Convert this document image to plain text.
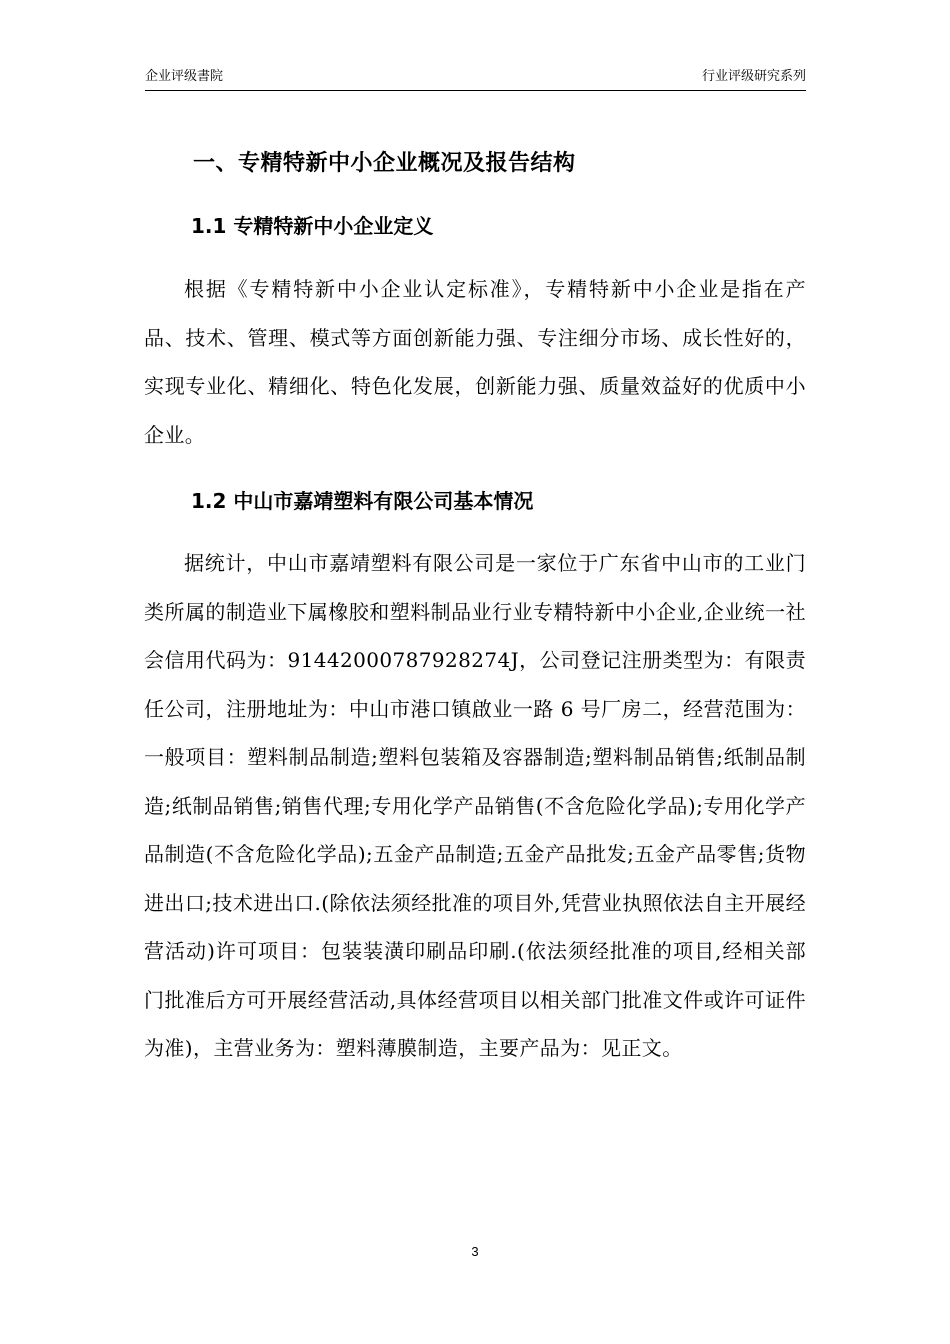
企业评级書院	行业评级研究系列
一、专精特新中小企业概况及报告结构
1.1 专精特新中小企业定义
根据《专精特新中小企业认定标准》，专精特新中小企业是指在产品、技术、管理、模式等方面创新能力强、专注细分市场、成长性好的，实现专业化、精细化、特色化发展，创新能力强、质量效益好的优质中小企业。
1.2 中山市嘉靖塑料有限公司基本情况
据统计，中山市嘉靖塑料有限公司是一家位于广东省中山市的工业门类所属的制造业下属橡胶和塑料制品业行业专精特新中小企业,企业统一社会信用代码为：91442000787928274J，公司登记注册类型为：有限责任公司，注册地址为：中山市港口镇啟业一路 6 号厂房二，经营范围为：一般项目：塑料制品制造;塑料包装箱及容器制造;塑料制品销售;纸制品制造;纸制品销售;销售代理;专用化学产品销售(不含危险化学品);专用化学产品制造(不含危险化学品);五金产品制造;五金产品批发;五金产品零售;货物进出口;技术进出口.(除依法须经批准的项目外,凭营业执照依法自主开展经营活动)许可项目：包装装潢印刷品印刷.(依法须经批准的项目,经相关部门批准后方可开展经营活动,具体经营项目以相关部门批准文件或许可证件为准)，主营业务为：塑料薄膜制造，主要产品为：见正文。
3
